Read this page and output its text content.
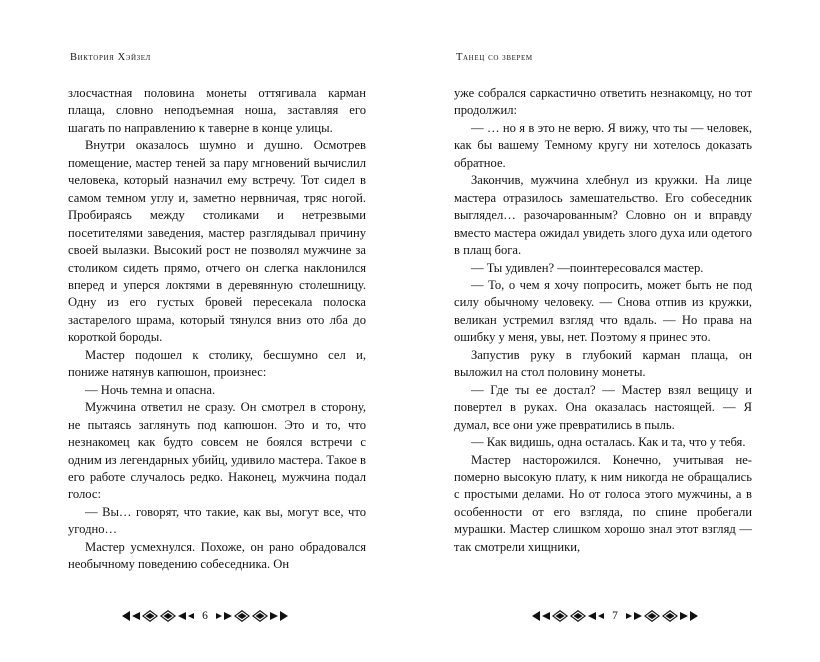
Виктория Хэйзел

злосчастная половина монеты оттягивала карман плаща, словно неподъемная ноша, заставляя его шагать по направлению к таверне в конце улицы.

Внутри оказалось шумно и душно. Осмотрев помещение, мастер теней за пару мгновений вычислил человека, который назначил ему встречу. Тот сидел в самом темном углу и, заметно нервничая, тряс ногой. Пробираясь между столиками и нетрезвыми посетителями заведения, мастер разглядывал причину своей вылазки. Высокий рост не позволял мужчине за столиком сидеть прямо, отчего он слегка наклонился вперед и уперся локтями в деревянную столешницу. Одну из его густых бровей пересекала полоска застарелого шрама, который тянулся вниз ото лба до короткой бороды.

Мастер подошел к столику, бесшумно сел и, пониже натянув капюшон, произнес:

— Ночь темна и опасна.

Мужчина ответил не сразу. Он смотрел в сторону, не пытаясь заглянуть под капюшон. Это и то, что незнакомец как будто совсем не боялся встречи с одним из легендарных убийц, удивило мастера. Такое в его работе случалось редко. Наконец, мужчина подал голос:

— Вы… говорят, что такие, как вы, могут все, что угодно…

Мастер усмехнулся. Похоже, он рано обрадовался необычному поведению собеседника. Он

6
Танец со зверем

уже собрался саркастично ответить незнакомцу, но тот продолжил:

— … но я в это не верю. Я вижу, что ты — человек, как бы вашему Темному кругу ни хотелось доказать обратное.

Закончив, мужчина хлебнул из кружки. На лице мастера отразилось замешательство. Его собеседник выглядел… разочарованным? Словно он и вправду вместо мастера ожидал увидеть злого духа или одетого в плащ бога.

— Ты удивлен? —поинтересовался мастер.

— То, о чем я хочу попросить, может быть не под силу обычному человеку. — Снова отпив из кружки, великан устремил взгляд что вдаль. — Но права на ошибку у меня, увы, нет. Поэтому я принес это.

Запустив руку в глубокий карман плаща, он выложил на стол половину монеты.

— Где ты ее достал? — Мастер взял вещицу и повертел в руках. Она оказалась настоящей. — Я думал, все они уже превратились в пыль.

— Как видишь, одна осталась. Как и та, что у тебя.

Мастер насторожился. Конечно, учитывая непомерно высокую плату, к ним никогда не обращались с простыми делами. Но от голоса этого мужчины, а в особенности от его взгляда, по спине пробегали мурашки. Мастер слишком хорошо знал этот взгляд — так смотрели хищники,

7
